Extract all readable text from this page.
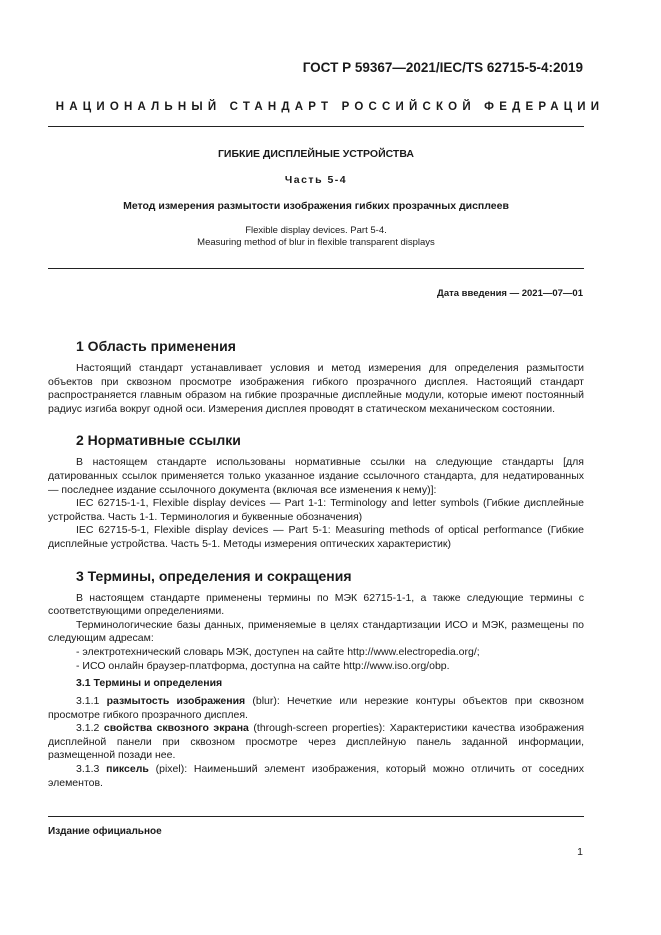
ГОСТ Р 59367—2021/IEC/TS 62715-5-4:2019
НАЦИОНАЛЬНЫЙ СТАНДАРТ РОССИЙСКОЙ ФЕДЕРАЦИИ
ГИБКИЕ ДИСПЛЕЙНЫЕ УСТРОЙСТВА
Часть 5-4
Метод измерения размытости изображения гибких прозрачных дисплеев
Flexible display devices. Part 5-4.
Measuring method of blur in flexible transparent displays
Дата введения — 2021—07—01
1 Область применения

Настоящий стандарт устанавливает условия и метод измерения для определения размытости объектов при сквозном просмотре изображения гибкого прозрачного дисплея. Настоящий стандарт распространяется главным образом на гибкие прозрачные дисплейные модули, которые имеют постоянный радиус изгиба вокруг одной оси. Измерения дисплея проводят в статическом механическом состоянии.

2 Нормативные ссылки

В настоящем стандарте использованы нормативные ссылки на следующие стандарты [для датированных ссылок применяется только указанное издание ссылочного стандарта, для недатированных — последнее издание ссылочного документа (включая все изменения к нему)]:

IEC 62715-1-1, Flexible display devices — Part 1-1: Terminology and letter symbols (Гибкие дисплейные устройства. Часть 1-1. Терминология и буквенные обозначения)

IEC 62715-5-1, Flexible display devices — Part 5-1: Measuring methods of optical performance (Гибкие дисплейные устройства. Часть 5-1. Методы измерения оптических характеристик)

3 Термины, определения и сокращения

В настоящем стандарте применены термины по МЭК 62715-1-1, а также следующие термины с соответствующими определениями.

Терминологические базы данных, применяемые в целях стандартизации ИСО и МЭК, размещены по следующим адресам:

- электротехнический словарь МЭК, доступен на сайте http://www.electropedia.org/;

- ИСО онлайн браузер-платформа, доступна на сайте http://www.iso.org/obp.

3.1 Термины и определения

3.1.1 размытость изображения (blur): Нечеткие или нерезкие контуры объектов при сквозном просмотре гибкого прозрачного дисплея.

3.1.2 свойства сквозного экрана (through-screen properties): Характеристики качества изображения дисплейной панели при сквозном просмотре через дисплейную панель заданной информации, размещенной позади нее.

3.1.3 пиксель (pixel): Наименьший элемент изображения, который можно отличить от соседних элементов.

Издание официальное
1
